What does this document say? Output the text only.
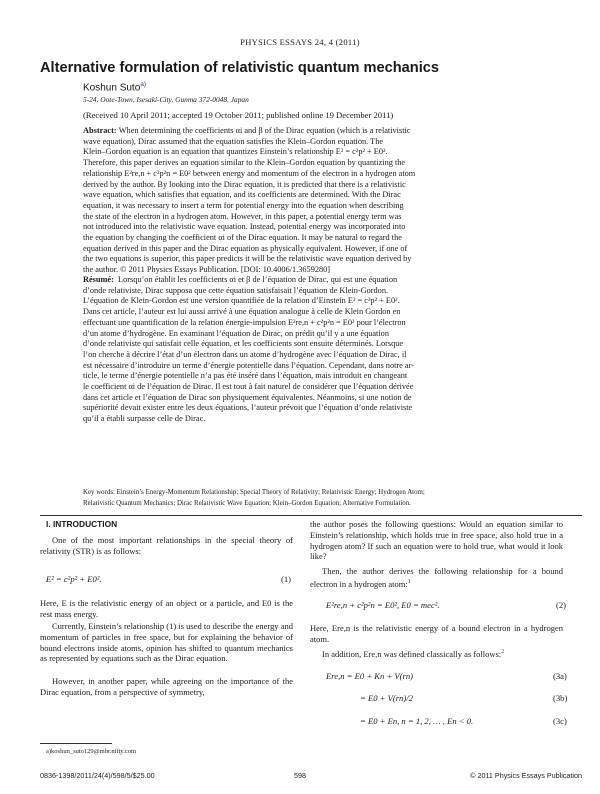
PHYSICS ESSAYS 24, 4 (2011)
Alternative formulation of relativistic quantum mechanics
Koshun Suto$^{a)}$
5-24, Oote-Town, Isesaki-City, Gunma 372-0048, Japan
(Received 10 April 2011; accepted 19 October 2011; published online 19 December 2011)
Abstract: When determining the coefficients αi and β of the Dirac equation (which is a relativistic
wave equation), Dirac assumed that the equation satisfies the Klein–Gordon equation. The
Klein–Gordon equation is an equation that quantizes Einstein’s relationship E² = c²p² + E0².
Therefore, this paper derives an equation similar to the Klein–Gordon equation by quantizing the
relationship E²re,n + c²p²n = E0² between energy and momentum of the electron in a hydrogen atom
derived by the author. By looking into the Dirac equation, it is predicted that there is a relativistic
wave equation, which satisfies that equation, and its coefficients are determined. With the Dirac
equation, it was necessary to insert a term for potential energy into the equation when describing
the state of the electron in a hydrogen atom. However, in this paper, a potential energy term was
not introduced into the relativistic wave equation. Instead, potential energy was incorporated into
the equation by changing the coefficient αi of the Dirac equation. It may be natural to regard the
equation derived in this paper and the Dirac equation as physically equivalent. However, if one of
the two equations is superior, this paper predicts it will be the relativistic wave equation derived by
the author. © 2011 Physics Essays Publication. [DOI: 10.4006/1.3659280]
Résumé: Lorsqu’on établit les coefficients αi et β de l’équation de Dirac, qui est une équation
d’onde relativiste, Dirac supposa que cette équation satisfaisait l’équation de Klein-Gordon.
L’équation de Klein-Gordon est une version quantifiée de la relation d’Einstein E² = c²p² + E0².
Dans cet article, l’auteur est lui aussi arrivé à une équation analogue à celle de Klein Gordon en
effectuant une quantification de la relation énergie-impulsion E²re,n + c²p²n = E0² pour l’électron
d’un atome d’hydrogène. En examinant l’équation de Dirac, on prédit qu’il y a une équation
d’onde relativiste qui satisfait celle équation, et les coefficients sont ensuite déterminés. Lorsque
l’on cherche à décrire l’état d’un électron dans un atome d’hydrogène avec l’équation de Dirac, il
est nécessaire d’introduire un terme d’énergie potentielle dans l’équation. Cependant, dans notre ar-
ticle, le terme d’énergie potentielle n’a pas été inséré dans l’équation, mais introduit en changeant
le coefficient αi de l’équation de Dirac. Il est tout à fait naturel de considérer que l’équation dérivée
dans cet article et l’équation de Dirac son physiquement équivalentes. Néanmoins, si une notion de
supériorité devait exister entre les deux équations, l’auteur prévoit que l’équation d’onde relativiste
qu’il a établi surpasse celle de Dirac.
Key words: Einstein’s Energy-Momentum Relationship; Special Theory of Relativity; Relativistic Energy; Hydrogen Atom;
Relativistic Quantum Mechanics; Dirac Relativistic Wave Equation; Klein–Gordon Equation; Alternative Formulation.
I. INTRODUCTION
One of the most important relationships in the special theory of relativity (STR) is as follows:
E² = c²p² + E0².	(1)
Here, E is the relativistic energy of an object or a particle, and E0 is the rest mass energy.
Currently, Einstein’s relationship (1) is used to describe the energy and momentum of particles in free space, but for explaining the behavior of bound electrons inside atoms, opinion has shifted to quantum mechanics as represented by equations such as the Dirac equation.
However, in another paper, while agreeing on the importance of the Dirac equation, from a perspective of symmetry,
a)koshun_suto129@mbr.nifty.com
the author poses the following questions: Would an equation similar to Einstein’s relationship, which holds true in free space, also hold true in a hydrogen atom? If such an equation were to hold true, what would it look like?
Then, the author derives the following relationship for a bound electron in a hydrogen atom:$^1$
E²re,n + c²p²n = E0², E0 = mec².	(2)
Here, Ere,n is the relativistic energy of a bound electron in a hydrogen atom.
In addition, Ere,n was defined classically as follows:$^2$
Ere,n = E0 + Kn + V(rn)	(3a)
= E0 + V(rn)/2	(3b)
= E0 + En, n = 1, 2, … , En < 0.	(3c)
0836-1398/2011/24(4)/598/5/$25.00	598	© 2011 Physics Essays Publication
